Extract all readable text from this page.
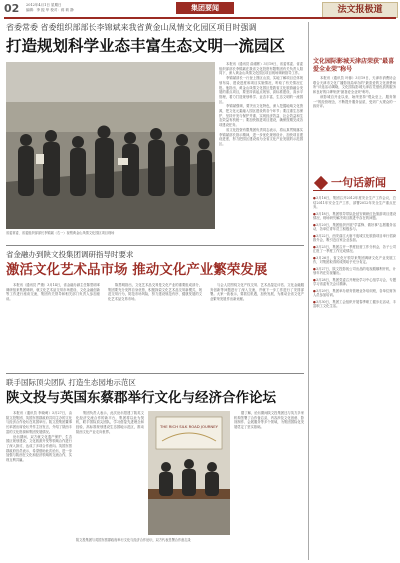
02 2012年4月1日 星期日
编辑：李 振 华 校对：蒋 莉 静	集团要闻	法文报极道
省委常委 省委组织部部长李锦斌来我省黄金山凤情文化园区项目时强调
打造规划科学业态丰富生态文明一流园区
省委常委、省委组织部部长李锦斌（右一）视察黄金山凤情文化园区项目现场

本报讯（通讯员 曲谱彬）3月19日，省委常委、省委组织部部长李锦斌在我省文化投资有限集团有关负责人陪同下，深入黄金山凤情文化园区项目现场调研指导工作。

李锦斌部长一行登上图区山顶，实地了解项目总体规划布局、建设进度和项目实施情况，听取了有关情况汇报。他指出，黄金山凤情文化园区是我省文化旅游融合发展的重点项目，要坚持高起点规划、高标准建设、高水平管理，着力打造规划科学、业态丰富、生态文明的一流园区。

李锦斌强调，要突出文化特色，深入挖掘地域文化资源，把文化元素融入园区建设的各个环节；要注重生态保护，坚持开发与保护并重，实现经济效益、社会效益和生态效益有机统一；要加快推进项目建设，确保按期完成各项建设任务。

省文化投资有限集团负责同志表示，将认真贯彻落实李锦斌部长指示精神，进一步优化规划设计，加快项目建设进度，努力把园区建设成为全省文化产业发展的示范园区。

省金融办到陕文投集团调研指导时要求
激活文化艺术品市场 推动文化产业繁荣发展

本报讯（通讯员 严康）3月14日，省金融办副主任陈思明率调研组来集团调研，就文化艺术品交易市场建设、文化金融创新等工作进行座谈交流，集团有关领导和相关部门负责人参加座谈。

陈思明指出，文化艺术品交易是文化产业的重要组成部分，集团要充分发挥自身优势，积极探索文化艺术品交易新模式，规范交易行为，防范市场风险，努力建设规范有序、健康发展的文化艺术品交易市场。

与会人员围绕文化产权交易、艺术品鉴定评估、文化金融服务创新等问题进行了深入交流，并就下一步工作进行了安排部署。大家一致表示，要抓住机遇，加快发展，为推动全省文化产业繁荣发展作出新贡献。

联手国际顶尖团队 打造生态园地示范区
陕文投与英国东蔡郡举行文化与经济合作论坛

本报讯（通讯员 李晓萌）3月27日，由陕文投集团、英国东蔡郡政府共同主办的文化与经济合作论坛在英国举行。陕文投集团董事长率团出席论坛并作主旨发言，介绍了陕西丰富的文化资源和集团发展情况。

论坛期间，双方就文化遗产保护、生态园区规划建设、文化旅游开发等领域合作进行了深入探讨，达成了多项合作意向。英国东蔡郡政府官员表示，希望借助此次论坛，进一步加强与陕西在文化和经济领域的交流合作，实现互利共赢。

集团负责人表示，此次论坛搭建了陕英文化经济交流合作的新平台，集团将以此为契机，联手国际顶尖团队，学习借鉴先进理念和经验，高标准规划建设生态园地示范区，推动陕西文化产业走向世界。

THE RICH SILK ROAD JOURNEY

据了解，论坛期间陕文投集团还与英方多家机构签署了合作备忘录，内容涉及文化创意、影视制作、会展服务等多个领域，为集团国际化发展奠定了坚实基础。

陕文投集团与英国东蔡郡政府举行文化与经济合作论坛，双方代表签署合作备忘录
文化园际影城天津店荣获"最喜爱全业荣"称号

本报讯（通讯员 叶蓉）3月19日，天津市消费协会联合天津市文化广播影视局举办的"最喜爱的文化消费场所"评选活动揭晓，文化园际影城天津店凭借优质的服务和良好的口碑荣获"最喜爱全业荣"称号。

该影城自开业以来，始终坚持"观众至上、服务第一"的经营理念，不断提升服务品质，受到广大观众的一致好评。

一句话新闻
●3月16日，集团召开2012年度安全生产工作会议，总结2011年安全生产工作，部署2012年安全生产重点任务。
●3月18日，集团领导带队赴延安调研红色旅游项目建设情况，现场研究解决项目推进中存在的问题。
●3月20日，集团组织开展"学雷锋、做好事"志愿服务活动，各单位青年员工积极参与。
●3月22日，西安曲江大唐不夜城文化旅游项目举行招商推介会，吸引近百家企业参加。
●3月23日，集团召开一季度经营工作分析会，各子公司汇报了一季度工作完成情况。
●3月26日，省文化厅领导来集团调研文化产业发展工作，对集团取得的成绩给予充分肯定。
●3月27日，陕文投影视公司出品的电视剧顺利开机，计划年内在央视播出。
●3月28日，集团党委召开理论学习中心组学习会，专题学习省委有关会议精神。
●3月29日，集团举办财务管理业务培训班，各单位财务人员参加培训。
●3月30日，集团工会组织开展春季职工健步走活动，丰富职工文化生活。
